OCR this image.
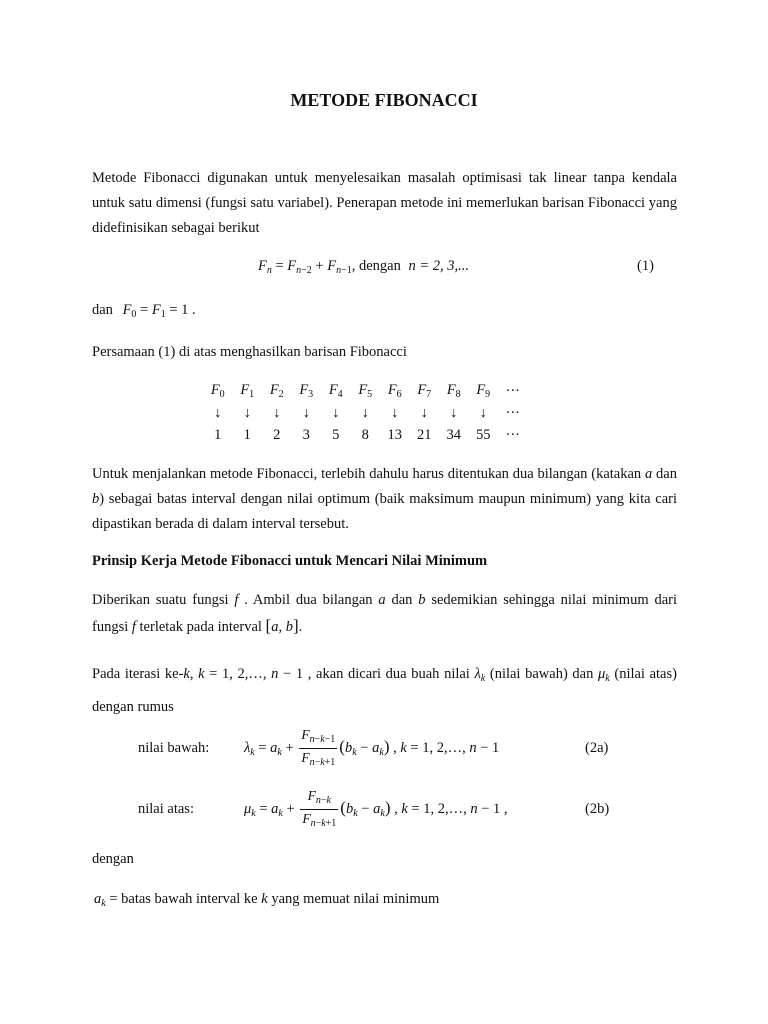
METODE FIBONACCI
Metode Fibonacci digunakan untuk menyelesaikan masalah optimisasi tak linear tanpa kendala untuk satu dimensi (fungsi satu variabel). Penerapan metode ini memerlukan barisan Fibonacci yang didefinisikan sebagai berikut
$F_n = F_{n-2} + F_{n-1}$, dengan n = 2, 3,...	(1)
dan $F_0 = F_1 = 1$ .
Persamaan (1) di atas menghasilkan barisan Fibonacci
$F_0$	$F_1$	$F_2$	$F_3$	$F_4$	$F_5$	$F_6$	$F_7$	$F_8$	$F_9$	···
↓	↓	↓	↓	↓	↓	↓	↓	↓	↓	···
1	1	2	3	5	8	13	21	34	55	···
Untuk menjalankan metode Fibonacci, terlebih dahulu harus ditentukan dua bilangan (katakan a dan b) sebagai batas interval dengan nilai optimum (baik maksimum maupun minimum) yang kita cari dipastikan berada di dalam interval tersebut.
Prinsip Kerja Metode Fibonacci untuk Mencari Nilai Minimum
Diberikan suatu fungsi f . Ambil dua bilangan a dan b sedemikian sehingga nilai minimum dari fungsi f terletak pada interval [a, b].
Pada iterasi ke-k, k = 1, 2,…, n − 1 , akan dicari dua buah nilai $\lambda_k$ (nilai bawah) dan $\mu_k$ (nilai atas) dengan rumus
nilai bawah: $\lambda_k = a_k + \frac{F_{n-k-1}}{F_{n-k+1}} (b_k - a_k)$ , k = 1, 2,…, n − 1	(2a)
nilai atas:	$\mu_k = a_k + \frac{F_{n-k}}{F_{n-k+1}} (b_k - a_k)$ , k = 1, 2,…, n − 1 ,	(2b)
dengan
$a_k$ = batas bawah interval ke k yang memuat nilai minimum
